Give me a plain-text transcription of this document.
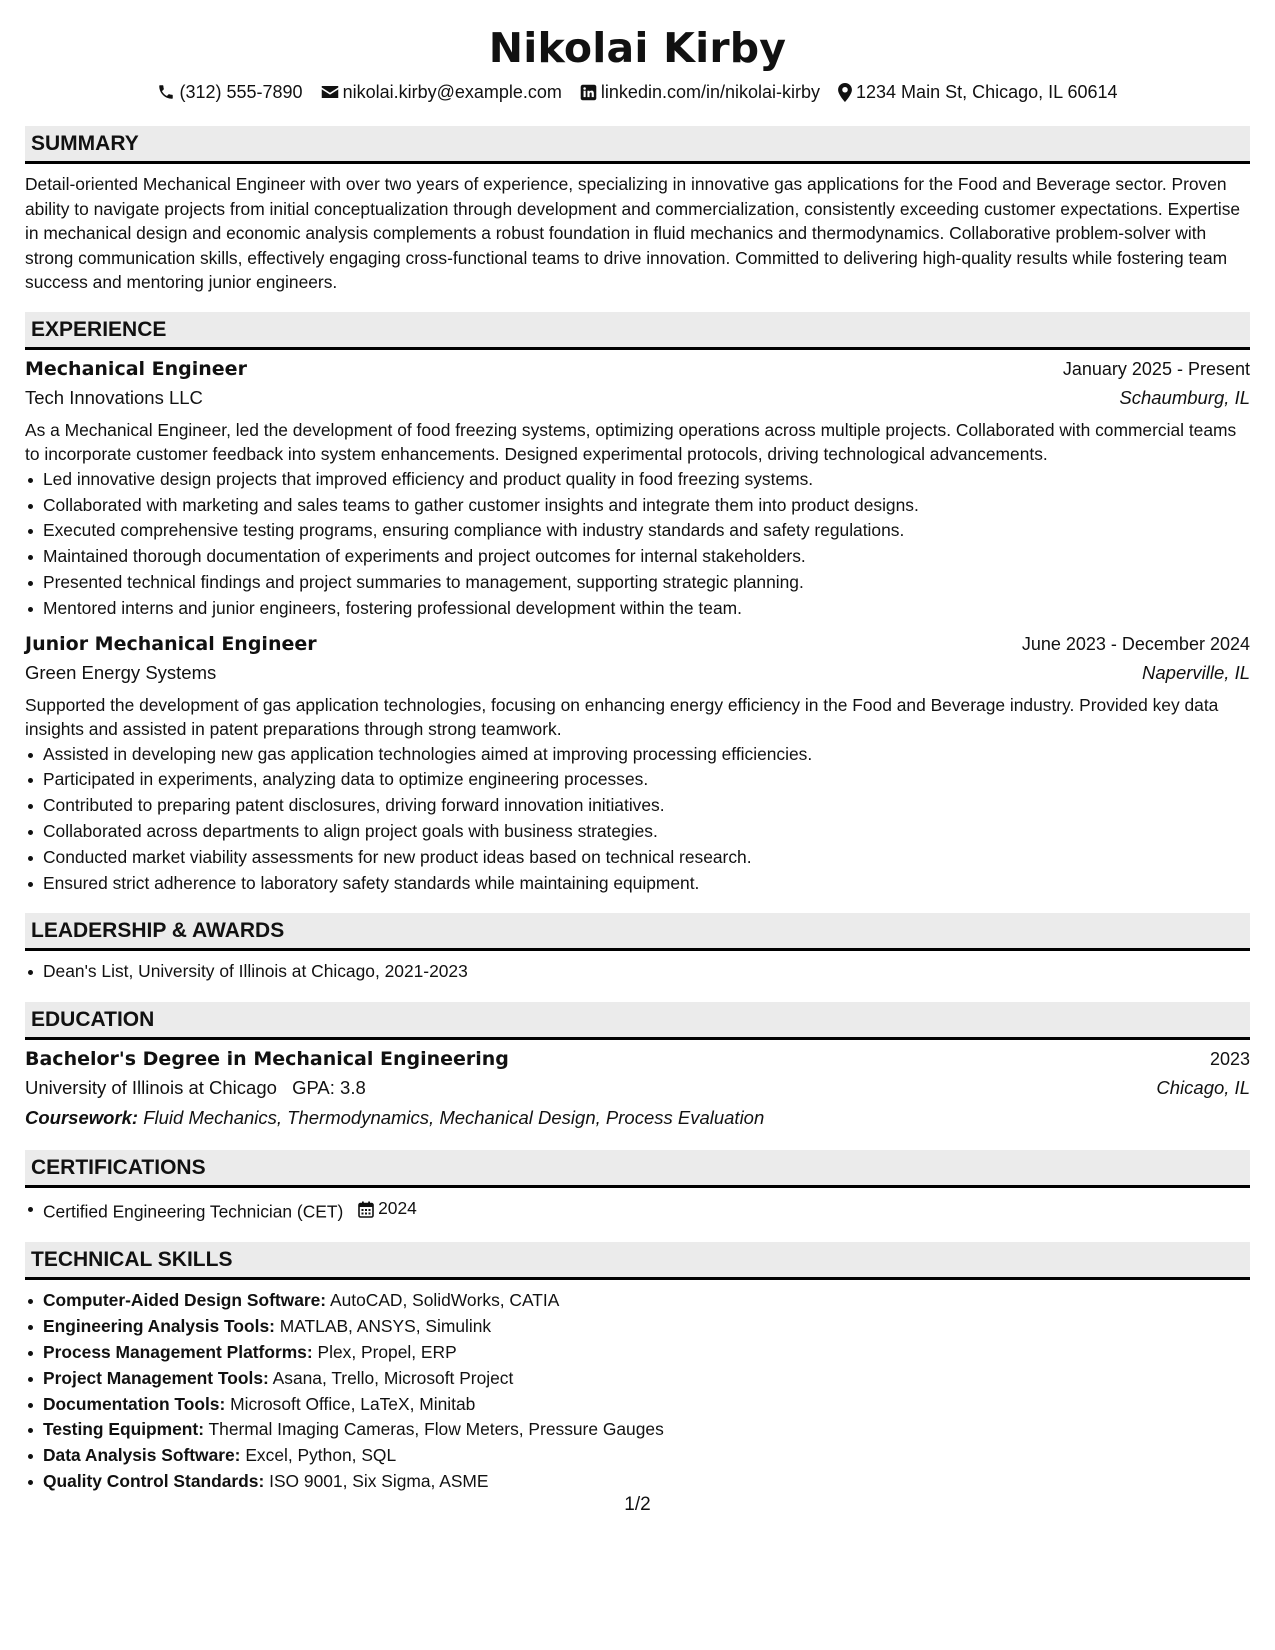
Nikolai Kirby
(312) 555-7890 nikolai.kirby@example.com linkedin.com/in/nikolai-kirby 1234 Main St, Chicago, IL 60614
SUMMARY
Detail-oriented Mechanical Engineer with over two years of experience, specializing in innovative gas applications for the Food and Beverage sector. Proven ability to navigate projects from initial conceptualization through development and commercialization, consistently exceeding customer expectations. Expertise in mechanical design and economic analysis complements a robust foundation in fluid mechanics and thermodynamics. Collaborative problem-solver with strong communication skills, effectively engaging cross-functional teams to drive innovation. Committed to delivering high-quality results while fostering team success and mentoring junior engineers.
EXPERIENCE
Mechanical Engineer	January 2025 - Present
Tech Innovations LLC	Schaumburg, IL
As a Mechanical Engineer, led the development of food freezing systems, optimizing operations across multiple projects. Collaborated with commercial teams to incorporate customer feedback into system enhancements. Designed experimental protocols, driving technological advancements.
Led innovative design projects that improved efficiency and product quality in food freezing systems.
Collaborated with marketing and sales teams to gather customer insights and integrate them into product designs.
Executed comprehensive testing programs, ensuring compliance with industry standards and safety regulations.
Maintained thorough documentation of experiments and project outcomes for internal stakeholders.
Presented technical findings and project summaries to management, supporting strategic planning.
Mentored interns and junior engineers, fostering professional development within the team.
Junior Mechanical Engineer	June 2023 - December 2024
Green Energy Systems	Naperville, IL
Supported the development of gas application technologies, focusing on enhancing energy efficiency in the Food and Beverage industry. Provided key data insights and assisted in patent preparations through strong teamwork.
Assisted in developing new gas application technologies aimed at improving processing efficiencies.
Participated in experiments, analyzing data to optimize engineering processes.
Contributed to preparing patent disclosures, driving forward innovation initiatives.
Collaborated across departments to align project goals with business strategies.
Conducted market viability assessments for new product ideas based on technical research.
Ensured strict adherence to laboratory safety standards while maintaining equipment.
LEADERSHIP & AWARDS
Dean's List, University of Illinois at Chicago, 2021-2023
EDUCATION
Bachelor's Degree in Mechanical Engineering	2023
University of Illinois at Chicago GPA: 3.8	Chicago, IL
Coursework: Fluid Mechanics, Thermodynamics, Mechanical Design, Process Evaluation
CERTIFICATIONS
Certified Engineering Technician (CET) 2024
TECHNICAL SKILLS
Computer-Aided Design Software: AutoCAD, SolidWorks, CATIA
Engineering Analysis Tools: MATLAB, ANSYS, Simulink
Process Management Platforms: Plex, Propel, ERP
Project Management Tools: Asana, Trello, Microsoft Project
Documentation Tools: Microsoft Office, LaTeX, Minitab
Testing Equipment: Thermal Imaging Cameras, Flow Meters, Pressure Gauges
Data Analysis Software: Excel, Python, SQL
Quality Control Standards: ISO 9001, Six Sigma, ASME
1/2
